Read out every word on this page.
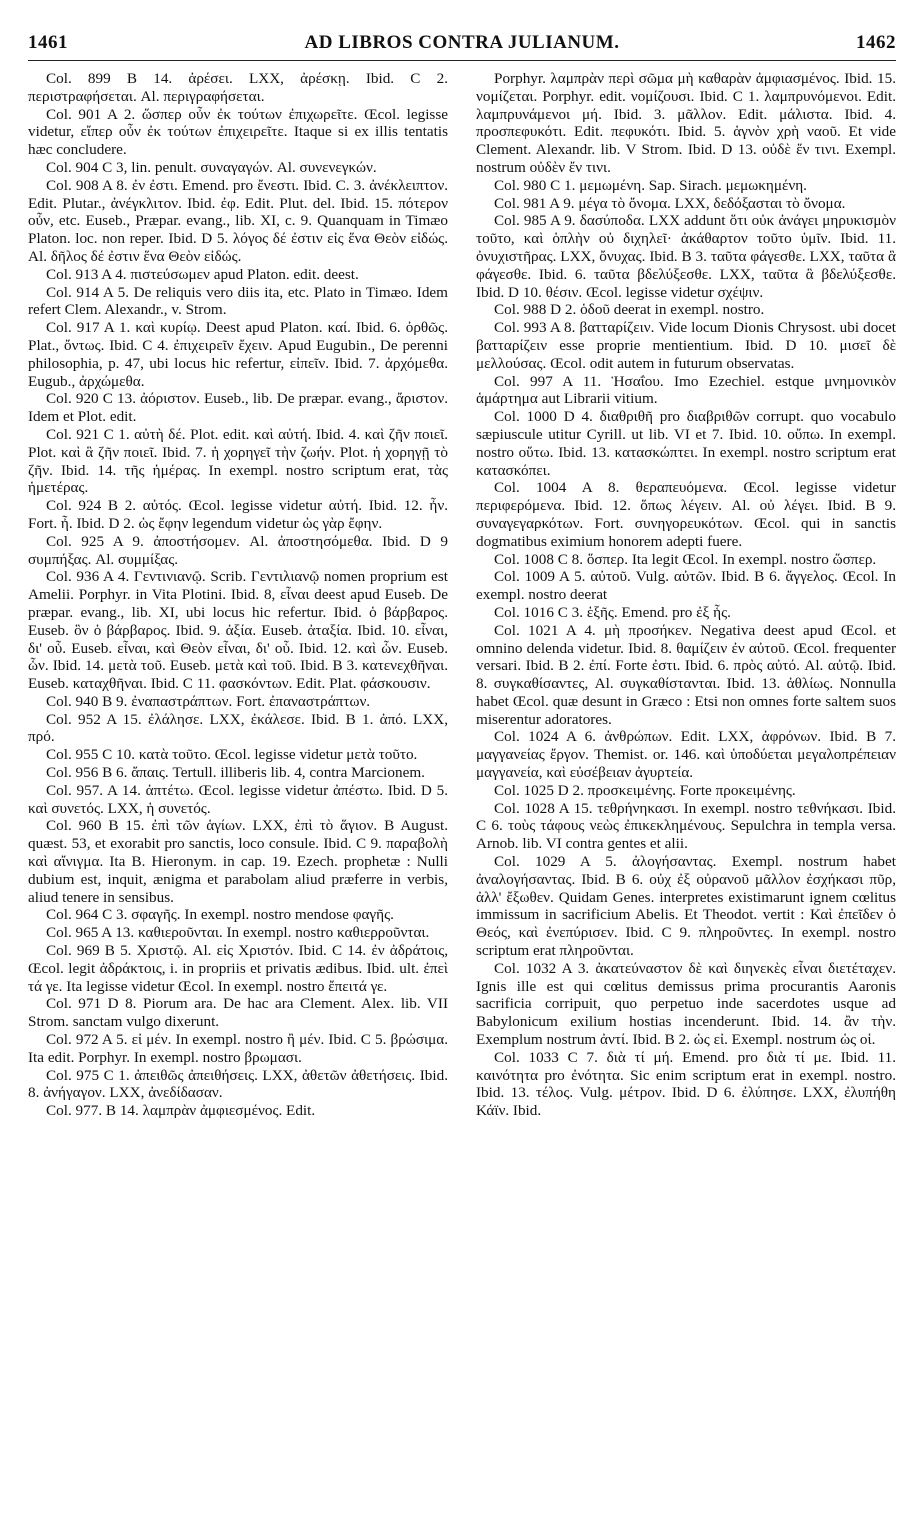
1461	AD LIBROS CONTRA JULIANUM.	1462

Col. 899 B 14. ἀρέσει. LXX, ἀρέσκῃ. Ibid. C 2. περιστραφήσεται. Al. περιγραφήσεται.

Col. 901 A 2. ὥσπερ οὖν ἐκ τούτων ἐπιχωρεῖτε. Œcol. legisse videtur, εἴπερ οὖν ἐκ τούτων ἐπιχειρεῖτε. Itaque si ex illis tentatis hæc concludere.

Col. 904 C 3, lin. penult. συναγαγών. Al. συνενεγκών.

Col. 908 A 8. ἐν ἐστι. Emend. pro ἔνεστι. Ibid. C. 3. ἀνέκλειπτον. Edit. Plutar., ἀνέγκλιτον. Ibid. ἐφ. Edit. Plut. del. Ibid. 15. πότερον οὖν, etc. Euseb., Præpar. evang., lib. XI, c. 9. Quanquam in Timæo Platon. loc. non reper. Ibid. D 5. λόγος δέ ἐστιν εἰς ἕνα Θεὸν εἰδώς. Al. δῆλος δέ ἐστιν ἕνα Θεὸν εἰδώς.

Col. 913 A 4. πιστεύσωμεν apud Platon. edit. deest.

Col. 914 A 5. De reliquis vero diis ita, etc. Plato in Timæo. Idem refert Clem. Alexandr., v. Strom.

Col. 917 A 1. καὶ κυρίῳ. Deest apud Platon. καί. Ibid. 6. ὀρθῶς. Plat., ὄντως. Ibid. C 4. ἐπιχειρεῖν ἔχειν. Apud Eugubin., De perenni philosophia, p. 47, ubi locus hic refertur, εἰπεῖν. Ibid. 7. ἀρχόμεθα. Eugub., ἀρχώμεθα.

Col. 920 C 13. ἀόριστον. Euseb., lib. De præpar. evang., ἄριστον. Idem et Plot. edit.

Col. 921 C 1. αὐτὴ δέ. Plot. edit. καὶ αὐτή. Ibid. 4. καὶ ζῆν ποιεῖ. Plot. καὶ ἃ ζῆν ποιεῖ. Ibid. 7. ἡ χορηγεῖ τὴν ζωήν. Plot. ἡ χορηγῇ τὸ ζῆν. Ibid. 14. τῆς ἡμέρας. In exempl. nostro scriptum erat, τὰς ἡμετέρας.

Col. 924 B 2. αὐτός. Œcol. legisse videtur αὐτή. Ibid. 12. ἦν. Fort. ἦ. Ibid. D 2. ὡς ἔφην legendum videtur ὡς γὰρ ἔφην.

Col. 925 A 9. ἀποστήσομεν. Al. ἀποστησόμεθα. Ibid. D 9 συμπήξας. Al. συμμίξας.

Col. 936 A 4. Γεντινιανῷ. Scrib. Γεντιλιανῷ nomen proprium est Amelii. Porphyr. in Vita Plotini. Ibid. 8, εἶναι deest apud Euseb. De præpar. evang., lib. XI, ubi locus hic refertur. Ibid. ὁ βάρβαρος. Euseb. ὃν ὁ βάρβαρος. Ibid. 9. ἀξία. Euseb. ἀταξία. Ibid. 10. εἶναι, δι' οὗ. Euseb. εἶναι, καὶ Θεὸν εἶναι, δι' οὗ. Ibid. 12. καὶ ὧν. Euseb. ὧν. Ibid. 14. μετὰ τοῦ. Euseb. μετὰ καὶ τοῦ. Ibid. B 3. κατενεχθῆναι. Euseb. καταχθῆναι. Ibid. C 11. φασκόντων. Edit. Plat. φάσκουσιν.

Col. 940 B 9. ἐναπαστράπτων. Fort. ἐπαναστράπτων.

Col. 952 A 15. ἐλάλησε. LXX, ἐκάλεσε. Ibid. B 1. ἀπό. LXX, πρό.

Col. 955 C 10. κατὰ τοῦτο. Œcol. legisse videtur μετὰ τοῦτο.

Col. 956 B 6. ἄπαις. Tertull. illiberis lib. 4, contra Marcionem.

Col. 957. A 14. ἀπτέτω. Œcol. legisse videtur ἀπέστω. Ibid. D 5. καὶ συνετός. LXX, ἡ συνετός.

Col. 960 B 15. ἐπὶ τῶν ἁγίων. LXX, ἐπὶ τὸ ἅγιον. B August. quæst. 53, et exorabit pro sanctis, loco consule. Ibid. C 9. παραβολὴ καὶ αἴνιγμα. Ita B. Hieronym. in cap. 19. Ezech. prophetæ : Nulli dubium est, inquit, ænigma et parabolam aliud præferre in verbis, aliud tenere in sensibus.

Col. 964 C 3. σφαγῆς. In exempl. nostro mendose φαγῆς.

Col. 965 A 13. καθιεροῦνται. In exempl. nostro καθιερροῦνται.

Col. 969 B 5. Χριστῷ. Al. εἰς Χριστόν. Ibid. C 14. ἐν ἀδράτοις, Œcol. legit ἀδράκτοις, i. in propriis et privatis ædibus. Ibid. ult. ἐπεὶ τά γε. Ita legisse videtur Œcol. In exempl. nostro ἔπειτά γε.

Col. 971 D 8. Piorum ara. De hac ara Clement. Alex. lib. VII Strom. sanctam vulgo dixerunt.

Col. 972 A 5. εἰ μέν. In exempl. nostro ἢ μέν. Ibid. C 5. βρώσιμα. Ita edit. Porphyr. In exempl. nostro βρωμασι.

Col. 975 C 1. ἀπειθῶς ἀπειθήσεις. LXX, ἀθετῶν ἀθετήσεις. Ibid. 8. ἀνήγαγον. LXX, ἀνεδίδασαν.

Col. 977. B 14. λαμπρὰν ἀμφιεσμένος. Edit.

Porphyr. λαμπρὰν περὶ σῶμα μὴ καθαρὰν ἀμφιασμένος. Ibid. 15. νομίζεται. Porphyr. edit. νομίζουσι. Ibid. C 1. λαμπρυνόμενοι. Edit. λαμπρυνάμενοι μή. Ibid. 3. μᾶλλον. Edit. μάλιστα. Ibid. 4. προσπεφυκότι. Edit. πεφυκότι. Ibid. 5. ἁγνὸν χρὴ ναοῦ. Et vide Clement. Alexandr. lib. V Strom. Ibid. D 13. οὐδὲ ἕν τινι. Exempl. nostrum οὐδὲν ἔν τινι.

Col. 980 C 1. μεμωμένη. Sap. Sirach. μεμωκημένη.

Col. 981 A 9. μέγα τὸ ὄνομα. LXX, δεδόξασται τὸ ὄνομα.

Col. 985 A 9. δασύποδα. LXX addunt ὅτι οὐκ ἀνάγει μηρυκισμὸν τοῦτο, καὶ ὁπλὴν οὐ διχηλεῖ· ἀκάθαρτον τοῦτο ὑμῖν. Ibid. 11. ὀνυχιστῆρας. LXX, ὄνυχας. Ibid. B 3. ταῦτα φάγεσθε. LXX, ταῦτα ἃ φάγεσθε. Ibid. 6. ταῦτα βδελύξεσθε. LXX, ταῦτα ἃ βδελύξεσθε. Ibid. D 10. θέσιν. Œcol. legisse videtur σχέψιν.

Col. 988 D 2. ὁδοῦ deerat in exempl. nostro.

Col. 993 A 8. βατταρίζειν. Vide locum Dionis Chrysost. ubi docet βατταρίζειν esse proprie mentientium. Ibid. D 10. μισεῖ δὲ μελλούσας. Œcol. odit autem in futurum observatas.

Col. 997 A 11. Ἡσαΐου. Imo Ezechiel. estque μνημονικὸν ἁμάρτημα aut Librarii vitium.

Col. 1000 D 4. διαθριθῆ pro διαβριθῶν corrupt. quo vocabulo sæpiuscule utitur Cyrill. ut lib. VI et 7. Ibid. 10. οὔπω. In exempl. nostro οὕτω. Ibid. 13. κατασκώπτει. In exempl. nostro scriptum erat κατασκόπει.

Col. 1004 A 8. θεραπευόμενα. Œcol. legisse videtur περιφερόμενα. Ibid. 12. ὅπως λέγειν. Al. οὐ λέγει. Ibid. B 9. συναγεγαρκότων. Fort. συνηγορευκότων. Œcol. qui in sanctis dogmatibus eximium honorem adepti fuere.

Col. 1008 C 8. ὅσπερ. Ita legit Œcol. In exempl. nostro ὥσπερ.

Col. 1009 A 5. αὐτοῦ. Vulg. αὐτῶν. Ibid. B 6. ἄγγελος. Œcol. In exempl. nostro deerat

Col. 1016 C 3. ἑξῆς. Emend. pro ἐξ ἧς.

Col. 1021 A 4. μὴ προσήκεν. Negativa deest apud Œcol. et omnino delenda videtur. Ibid. 8. θαμίζειν ἐν αὐτοῦ. Œcol. frequenter versari. Ibid. B 2. ἐπί. Forte ἐστι. Ibid. 6. πρὸς αὐτό. Al. αὐτῷ. Ibid. 8. συγκαθίσαντες, Al. συγκαθίστανται. Ibid. 13. ἀθλίως. Nonnulla habet Œcol. quæ desunt in Græco : Etsi non omnes forte saltem suos miserentur adoratores.

Col. 1024 A 6. ἀνθρώπων. Edit. LXX, ἀφρόνων. Ibid. B 7. μαγγανείας ἔργον. Themist. or. 146. καὶ ὑποδύεται μεγαλοπρέπειαν μαγγανεία, καὶ εὐσέβειαν ἀγυρτεία.

Col. 1025 D 2. προσκειμένης. Forte προκειμένης.

Col. 1028 A 15. τεθρήνηκασι. In exempl. nostro τεθνήκασι. Ibid. C 6. τοὺς τάφους νεὼς ἐπικεκλημένους. Sepulchra in templa versa. Arnob. lib. VI contra gentes et alii.

Col. 1029 A 5. ἀλογήσαντας. Exempl. nostrum habet ἀναλογήσαντας. Ibid. B 6. οὐχ ἐξ οὐρανοῦ μᾶλλον ἐσχήκασι πῦρ, ἀλλ' ἔξωθεν. Quidam Genes. interpretes existimarunt ignem cœlitus immissum in sacrificium Abelis. Et Theodot. vertit : Καὶ ἐπεῖδεν ὁ Θεός, καὶ ἐνεπύρισεν. Ibid. C 9. πληροῦντες. In exempl. nostro scriptum erat πληροῦνται.

Col. 1032 A 3. ἀκατεύναστον δὲ καὶ διηνεκὲς εἶναι διετέταχεν. Ignis ille est qui cœlitus demissus prima procurantis Aaronis sacrificia corripuit, quo perpetuo inde sacerdotes usque ad Babylonicum exilium hostias incenderunt. Ibid. 14. ἂν τὴν. Exemplum nostrum ἀντί. Ibid. B 2. ὡς εἰ. Exempl. nostrum ὡς οἱ.

Col. 1033 C 7. διὰ τί μή. Emend. pro διὰ τί με. Ibid. 11. καινότητα pro ἐνότητα. Sic enim scriptum erat in exempl. nostro. Ibid. 13. τέλος. Vulg. μέτρον. Ibid. D 6. ἐλύπησε. LXX, ἐλυπήθη Κάϊν. Ibid.
